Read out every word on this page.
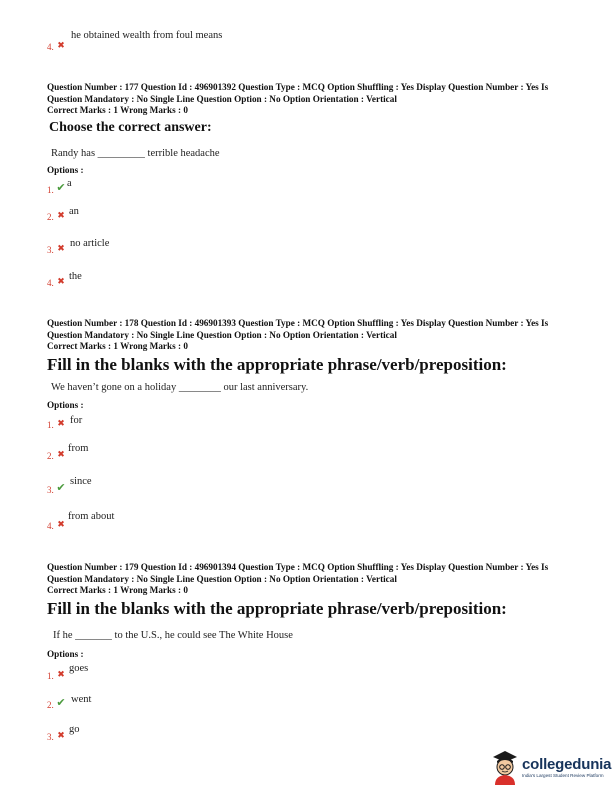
4. ✖
he obtained wealth from foul means
Question Number : 177 Question Id : 496901392 Question Type : MCQ Option Shuffling : Yes Display Question Number : Yes Is
Question Mandatory : No Single Line Question Option : No Option Orientation : Vertical
Correct Marks : 1 Wrong Marks : 0
Choose the correct answer:
Randy has _________ terrible headache
Options :
1. ✔ a
2. ✖ an
3. ✖ no article
4. ✖ the
Question Number : 178 Question Id : 496901393 Question Type : MCQ Option Shuffling : Yes Display Question Number : Yes Is
Question Mandatory : No Single Line Question Option : No Option Orientation : Vertical
Correct Marks : 1 Wrong Marks : 0
Fill in the blanks with the appropriate phrase/verb/preposition:
We haven’t gone on a holiday ________ our last anniversary.
Options :
1. ✖ for
2. ✖ from
3. ✔
since
4. ✖
from about
Question Number : 179 Question Id : 496901394 Question Type : MCQ Option Shuffling : Yes Display Question Number : Yes Is
Question Mandatory : No Single Line Question Option : No Option Orientation : Vertical
Correct Marks : 1 Wrong Marks : 0
Fill in the blanks with the appropriate phrase/verb/preposition:
If he _______ to the U.S., he could see The White House
Options :
1. ✖ goes
2. ✔ went
3. ✖ go
collegedunia
India's Largest Student Review Platform
